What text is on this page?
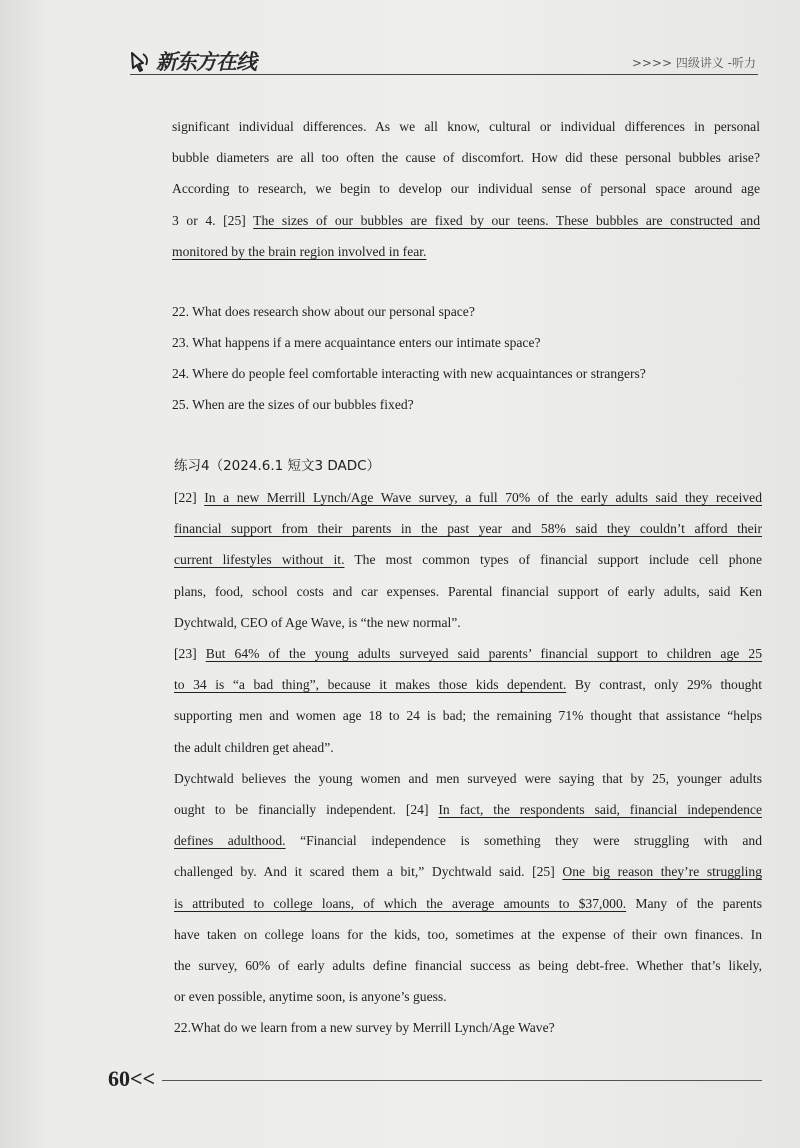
新东方在线	>>>> 四级讲义 -听力
significant individual differences. As we all know, cultural or individual differences in personal
bubble diameters are all too often the cause of discomfort. How did these personal bubbles arise?
According to research, we begin to develop our individual sense of personal space around age
3 or 4. [25] The sizes of our bubbles are fixed by our teens. These bubbles are constructed and
monitored by the brain region involved in fear.
22. What does research show about our personal space?
23. What happens if a mere acquaintance enters our intimate space?
24. Where do people feel comfortable interacting with new acquaintances or strangers?
25. When are the sizes of our bubbles fixed?
练习4（2024.6.1 短文3 DADC）
[22] In a new Merrill Lynch/Age Wave survey, a full 70% of the early adults said they received
financial support from their parents in the past year and 58% said they couldn’t afford their
current lifestyles without it. The most common types of financial support include cell phone
plans, food, school costs and car expenses. Parental financial support of early adults, said Ken
Dychtwald, CEO of Age Wave, is “the new normal”.
[23] But 64% of the young adults surveyed said parents’ financial support to children age 25
to 34 is “a bad thing”, because it makes those kids dependent. By contrast, only 29% thought
supporting men and women age 18 to 24 is bad; the remaining 71% thought that assistance “helps
the adult children get ahead”.
Dychtwald believes the young women and men surveyed were saying that by 25, younger adults
ought to be financially independent. [24] In fact, the respondents said, financial independence
defines adulthood. “Financial independence is something they were struggling with and
challenged by. And it scared them a bit,” Dychtwald said. [25] One big reason they’re struggling
is attributed to college loans, of which the average amounts to $37,000. Many of the parents
have taken on college loans for the kids, too, sometimes at the expense of their own finances. In
the survey, 60% of early adults define financial success as being debt-free. Whether that’s likely,
or even possible, anytime soon, is anyone’s guess.
22.What do we learn from a new survey by Merrill Lynch/Age Wave?
60<<
